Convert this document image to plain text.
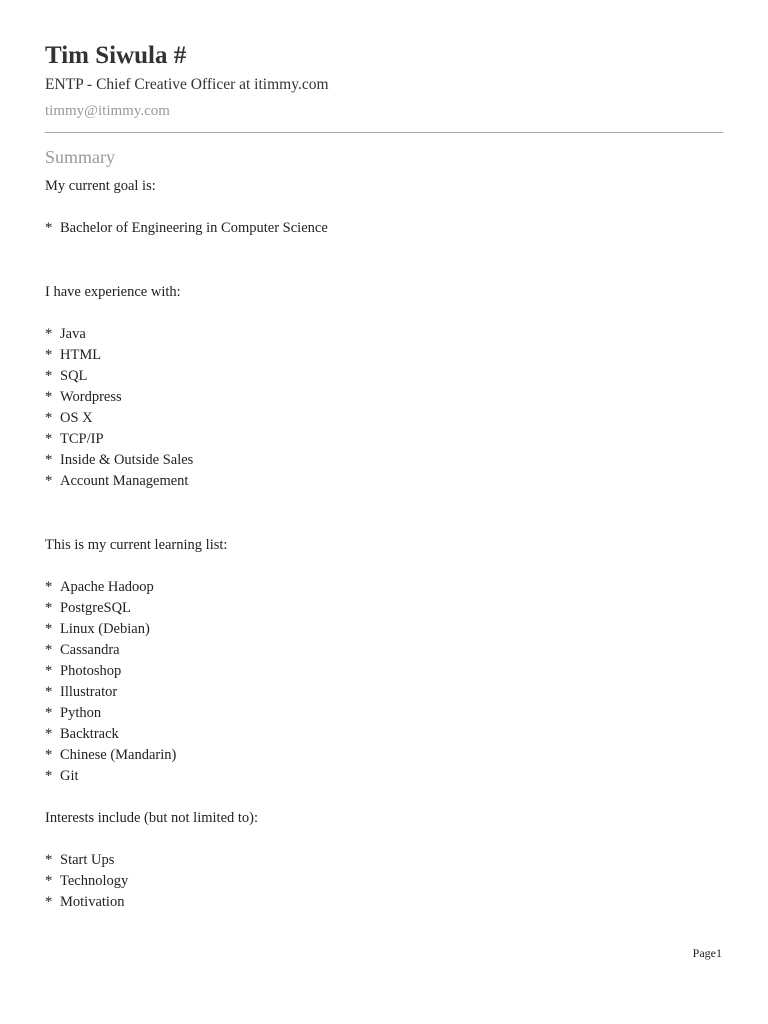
Tim Siwula #
ENTP - Chief Creative Officer at itimmy.com
timmy@itimmy.com
Summary
My current goal is:
* Bachelor of Engineering in Computer Science
I have experience with:
* Java
* HTML
* SQL
* Wordpress
* OS X
* TCP/IP
* Inside & Outside Sales
* Account Management
This is my current learning list:
* Apache Hadoop
* PostgreSQL
* Linux (Debian)
* Cassandra
* Photoshop
* Illustrator
* Python
* Backtrack
* Chinese (Mandarin)
* Git
Interests include (but not limited to):
* Start Ups
* Technology
* Motivation
Page1
